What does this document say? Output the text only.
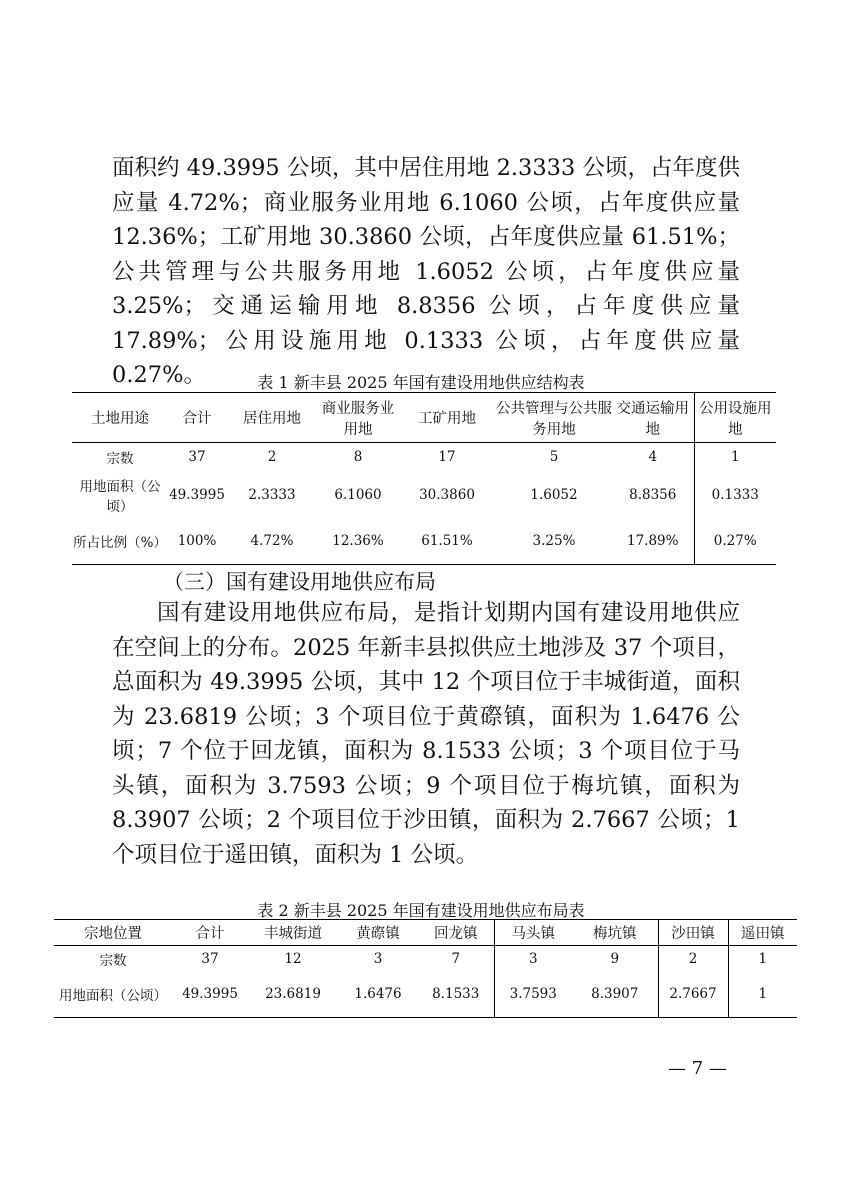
面积约 49.3995 公顷，其中居住用地 2.3333 公顷，占年度供应量 4.72%；商业服务业用地 6.1060 公顷，占年度供应量 12.36%；工矿用地 30.3860 公顷，占年度供应量 61.51%；公共管理与公共服务用地 1.6052 公顷，占年度供应量 3.25%；交通运输用地 8.8356 公顷，占年度供应量 17.89%；公用设施用地 0.1333 公顷，占年度供应量 0.27%。	表 1 新丰县 2025 年国有建设用地供应结构表

土地用途	合计	居住用地	商业服务业用地	工矿用地	公共管理与公共服务用地	交通运输用地	公用设施用地
宗数	37	2	8	17	5	4	1
用地面积（公顷）	49.3995	2.3333	6.1060	30.3860	1.6052	8.8356	0.1333
所占比例（%）	100%	4.72%	12.36%	61.51%	3.25%	17.89%	0.27%

（三）国有建设用地供应布局

国有建设用地供应布局，是指计划期内国有建设用地供应在空间上的分布。2025 年新丰县拟供应土地涉及 37 个项目，总面积为 49.3995 公顷，其中 12 个项目位于丰城街道，面积为 23.6819 公顷；3 个项目位于黄磜镇，面积为 1.6476 公顷；7 个位于回龙镇，面积为 8.1533 公顷；3 个项目位于马头镇，面积为 3.7593 公顷；9 个项目位于梅坑镇，面积为 8.3907 公顷；2 个项目位于沙田镇，面积为 2.7667 公顷；1 个项目位于遥田镇，面积为 1 公顷。

表 2 新丰县 2025 年国有建设用地供应布局表

宗地位置	合计	丰城街道	黄磜镇	回龙镇	马头镇	梅坑镇	沙田镇	遥田镇
宗数	37	12	3	7	3	9	2	1
用地面积（公顷）	49.3995	23.6819	1.6476	8.1533	3.7593	8.3907	2.7667	1
— 7 —
